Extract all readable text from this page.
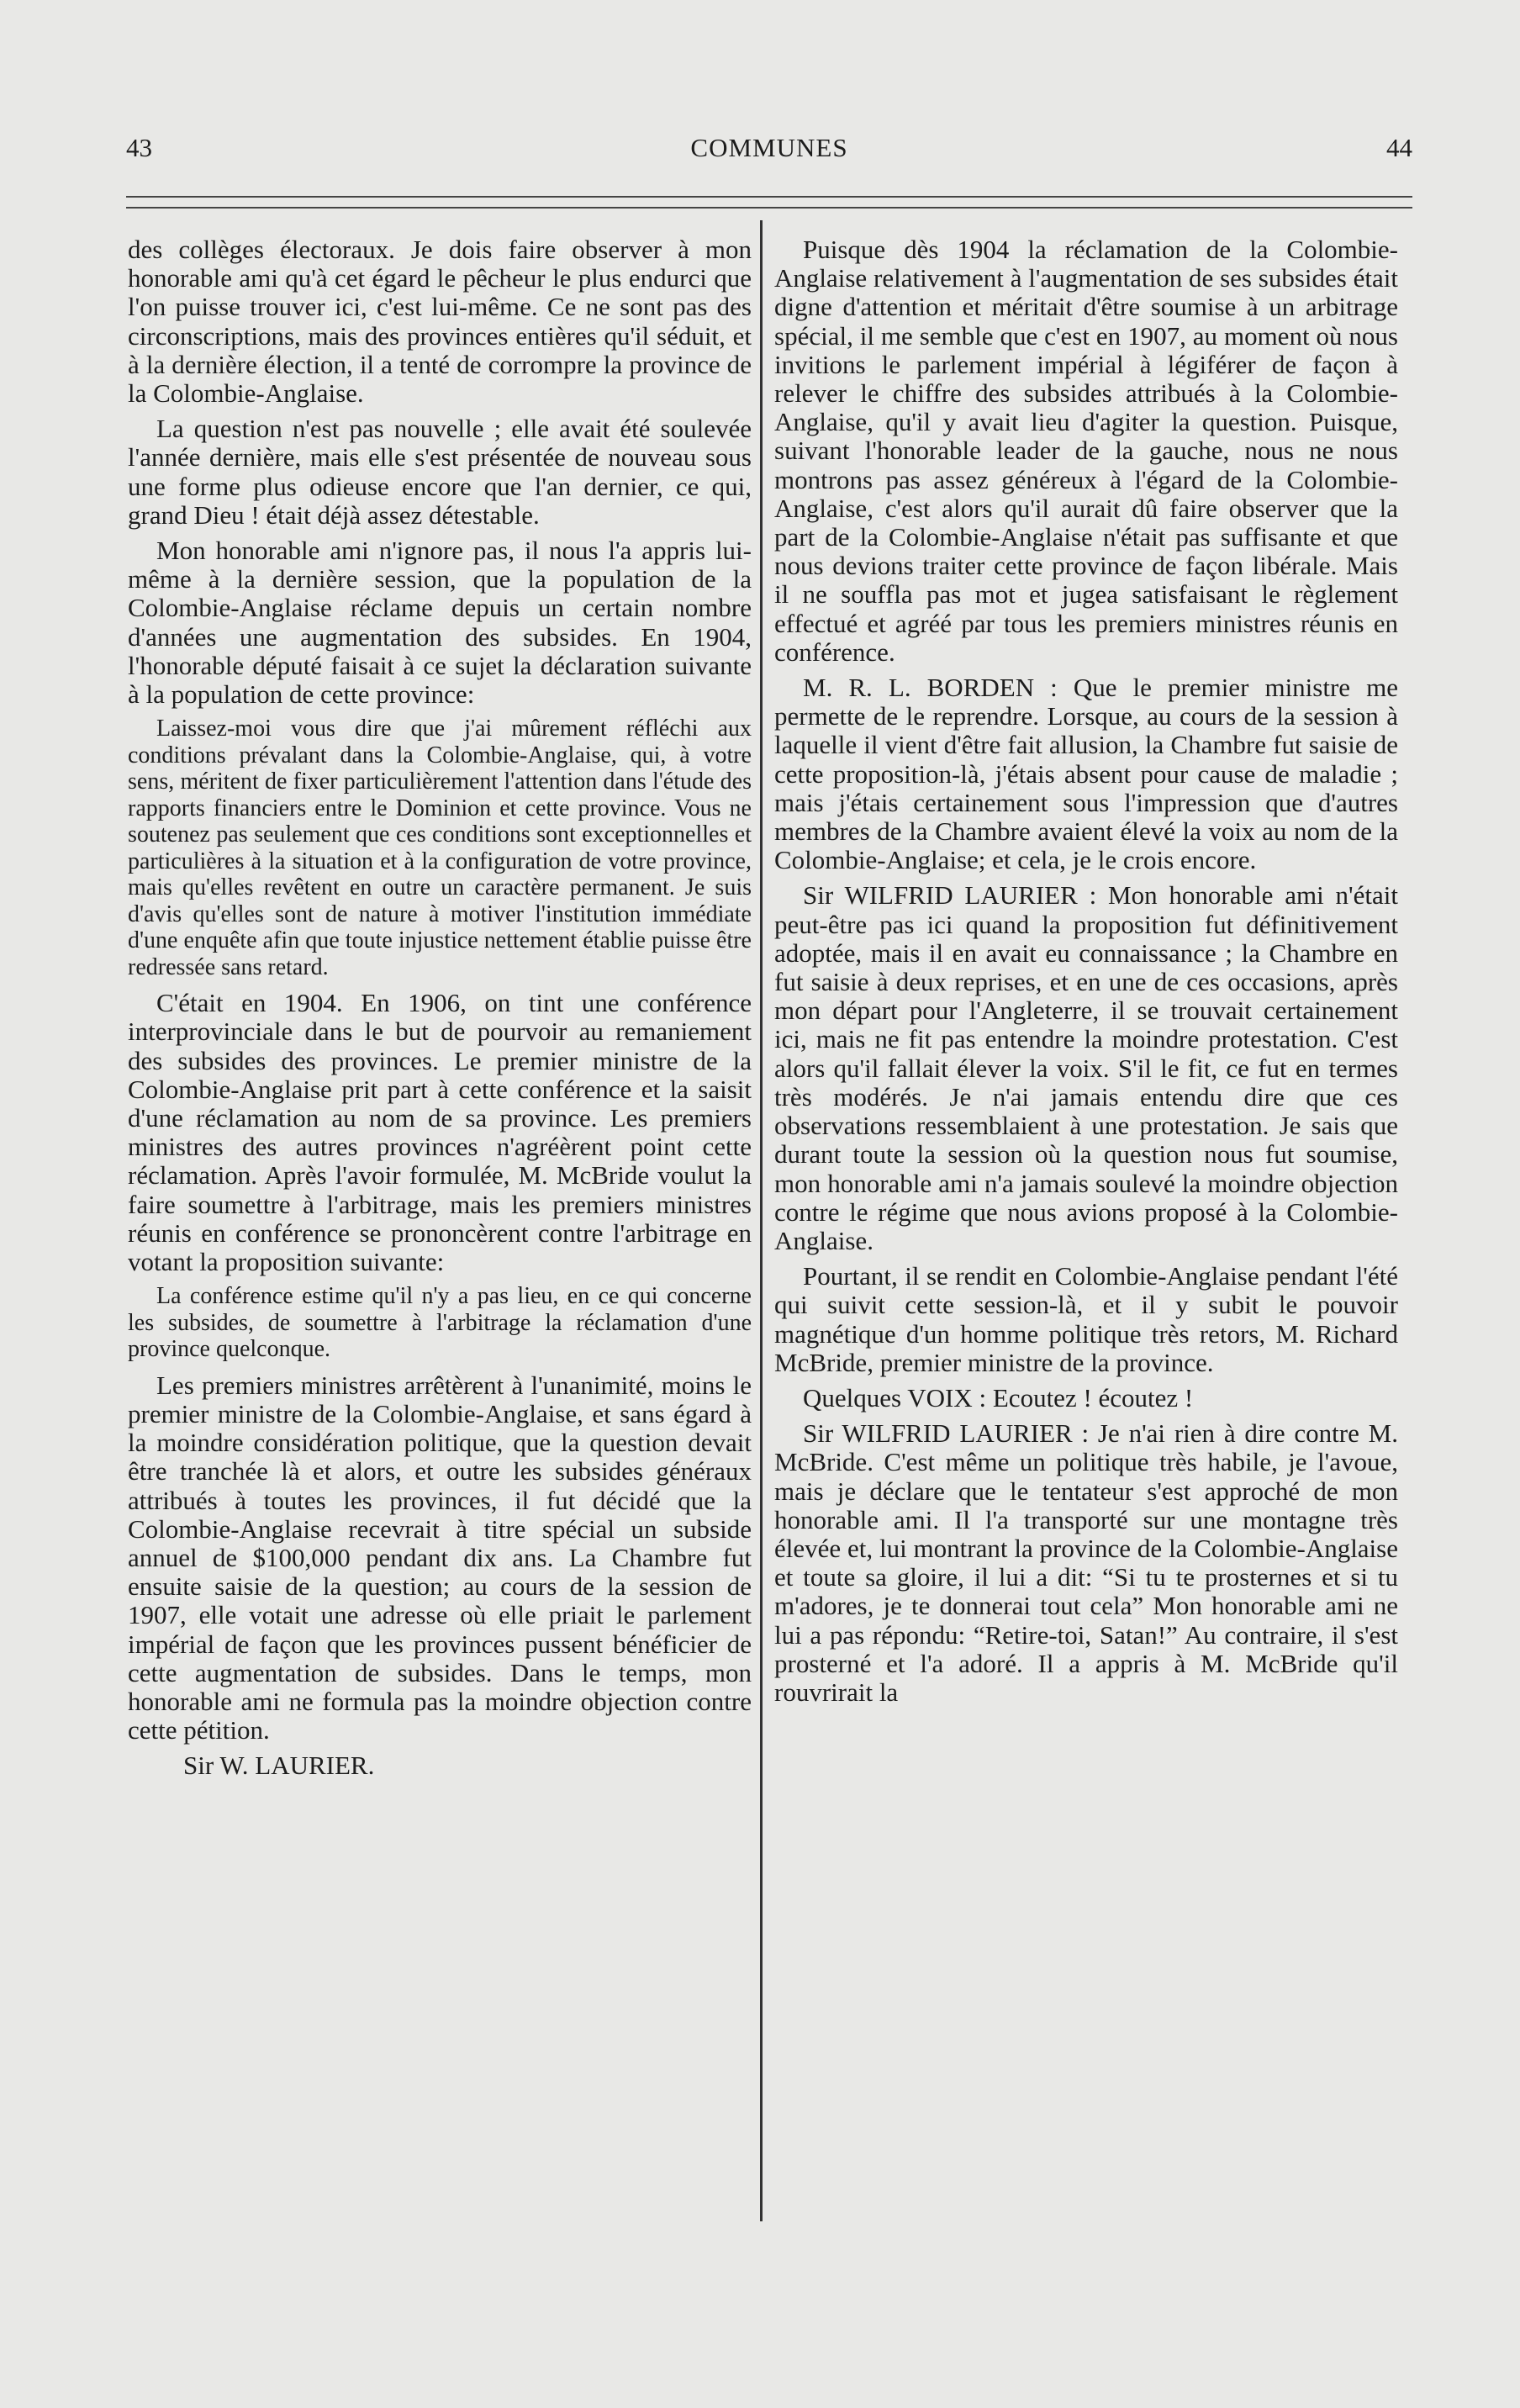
43	COMMUNES	44

des collèges électoraux. Je dois faire observer à mon honorable ami qu'à cet égard le pêcheur le plus endurci que l'on puisse trouver ici, c'est lui-même. Ce ne sont pas des circonscriptions, mais des provinces entières qu'il séduit, et à la dernière élection, il a tenté de corrompre la province de la Colombie-Anglaise.

La question n'est pas nouvelle ; elle avait été soulevée l'année dernière, mais elle s'est présentée de nouveau sous une forme plus odieuse encore que l'an dernier, ce qui, grand Dieu ! était déjà assez détestable.

Mon honorable ami n'ignore pas, il nous l'a appris lui-même à la dernière session, que la population de la Colombie-Anglaise réclame depuis un certain nombre d'années une augmentation des subsides. En 1904, l'honorable député faisait à ce sujet la déclaration suivante à la population de cette province:

Laissez-moi vous dire que j'ai mûrement réfléchi aux conditions prévalant dans la Colombie-Anglaise, qui, à votre sens, méritent de fixer particulièrement l'attention dans l'étude des rapports financiers entre le Dominion et cette province. Vous ne soutenez pas seulement que ces conditions sont exceptionnelles et particulières à la situation et à la configuration de votre province, mais qu'elles revêtent en outre un caractère permanent. Je suis d'avis qu'elles sont de nature à motiver l'institution immédiate d'une enquête afin que toute injustice nettement établie puisse être redressée sans retard.

C'était en 1904. En 1906, on tint une conférence interprovinciale dans le but de pourvoir au remaniement des subsides des provinces. Le premier ministre de la Colombie-Anglaise prit part à cette conférence et la saisit d'une réclamation au nom de sa province. Les premiers ministres des autres provinces n'agréèrent point cette réclamation. Après l'avoir formulée, M. McBride voulut la faire soumettre à l'arbitrage, mais les premiers ministres réunis en conférence se prononcèrent contre l'arbitrage en votant la proposition suivante:

La conférence estime qu'il n'y a pas lieu, en ce qui concerne les subsides, de soumettre à l'arbitrage la réclamation d'une province quelconque.

Les premiers ministres arrêtèrent à l'unanimité, moins le premier ministre de la Colombie-Anglaise, et sans égard à la moindre considération politique, que la question devait être tranchée là et alors, et outre les subsides généraux attribués à toutes les provinces, il fut décidé que la Colombie-Anglaise recevrait à titre spécial un subside annuel de $100,000 pendant dix ans. La Chambre fut ensuite saisie de la question; au cours de la session de 1907, elle votait une adresse où elle priait le parlement impérial de façon que les provinces pussent bénéficier de cette augmentation de subsides. Dans le temps, mon honorable ami ne formula pas la moindre objection contre cette pétition.

Sir W. LAURIER.

Puisque dès 1904 la réclamation de la Colombie-Anglaise relativement à l'augmentation de ses subsides était digne d'attention et méritait d'être soumise à un arbitrage spécial, il me semble que c'est en 1907, au moment où nous invitions le parlement impérial à légiférer de façon à relever le chiffre des subsides attribués à la Colombie-Anglaise, qu'il y avait lieu d'agiter la question. Puisque, suivant l'honorable leader de la gauche, nous ne nous montrons pas assez généreux à l'égard de la Colombie-Anglaise, c'est alors qu'il aurait dû faire observer que la part de la Colombie-Anglaise n'était pas suffisante et que nous devions traiter cette province de façon libérale. Mais il ne souffla pas mot et jugea satisfaisant le règlement effectué et agréé par tous les premiers ministres réunis en conférence.

M. R. L. BORDEN : Que le premier ministre me permette de le reprendre. Lorsque, au cours de la session à laquelle il vient d'être fait allusion, la Chambre fut saisie de cette proposition-là, j'étais absent pour cause de maladie ; mais j'étais certainement sous l'impression que d'autres membres de la Chambre avaient élevé la voix au nom de la Colombie-Anglaise; et cela, je le crois encore.

Sir WILFRID LAURIER : Mon honorable ami n'était peut-être pas ici quand la proposition fut définitivement adoptée, mais il en avait eu connaissance ; la Chambre en fut saisie à deux reprises, et en une de ces occasions, après mon départ pour l'Angleterre, il se trouvait certainement ici, mais ne fit pas entendre la moindre protestation. C'est alors qu'il fallait élever la voix. S'il le fit, ce fut en termes très modérés. Je n'ai jamais entendu dire que ces observations ressemblaient à une protestation. Je sais que durant toute la session où la question nous fut soumise, mon honorable ami n'a jamais soulevé la moindre objection contre le régime que nous avions proposé à la Colombie-Anglaise.

Pourtant, il se rendit en Colombie-Anglaise pendant l'été qui suivit cette session-là, et il y subit le pouvoir magnétique d'un homme politique très retors, M. Richard McBride, premier ministre de la province.

Quelques VOIX : Ecoutez ! écoutez !

Sir WILFRID LAURIER : Je n'ai rien à dire contre M. McBride. C'est même un politique très habile, je l'avoue, mais je déclare que le tentateur s'est approché de mon honorable ami. Il l'a transporté sur une montagne très élevée et, lui montrant la province de la Colombie-Anglaise et toute sa gloire, il lui a dit: “Si tu te prosternes et si tu m'adores, je te donnerai tout cela” Mon honorable ami ne lui a pas répondu: “Retire-toi, Satan!” Au contraire, il s'est prosterné et l'a adoré. Il a appris à M. McBride qu'il rouvrirait la
